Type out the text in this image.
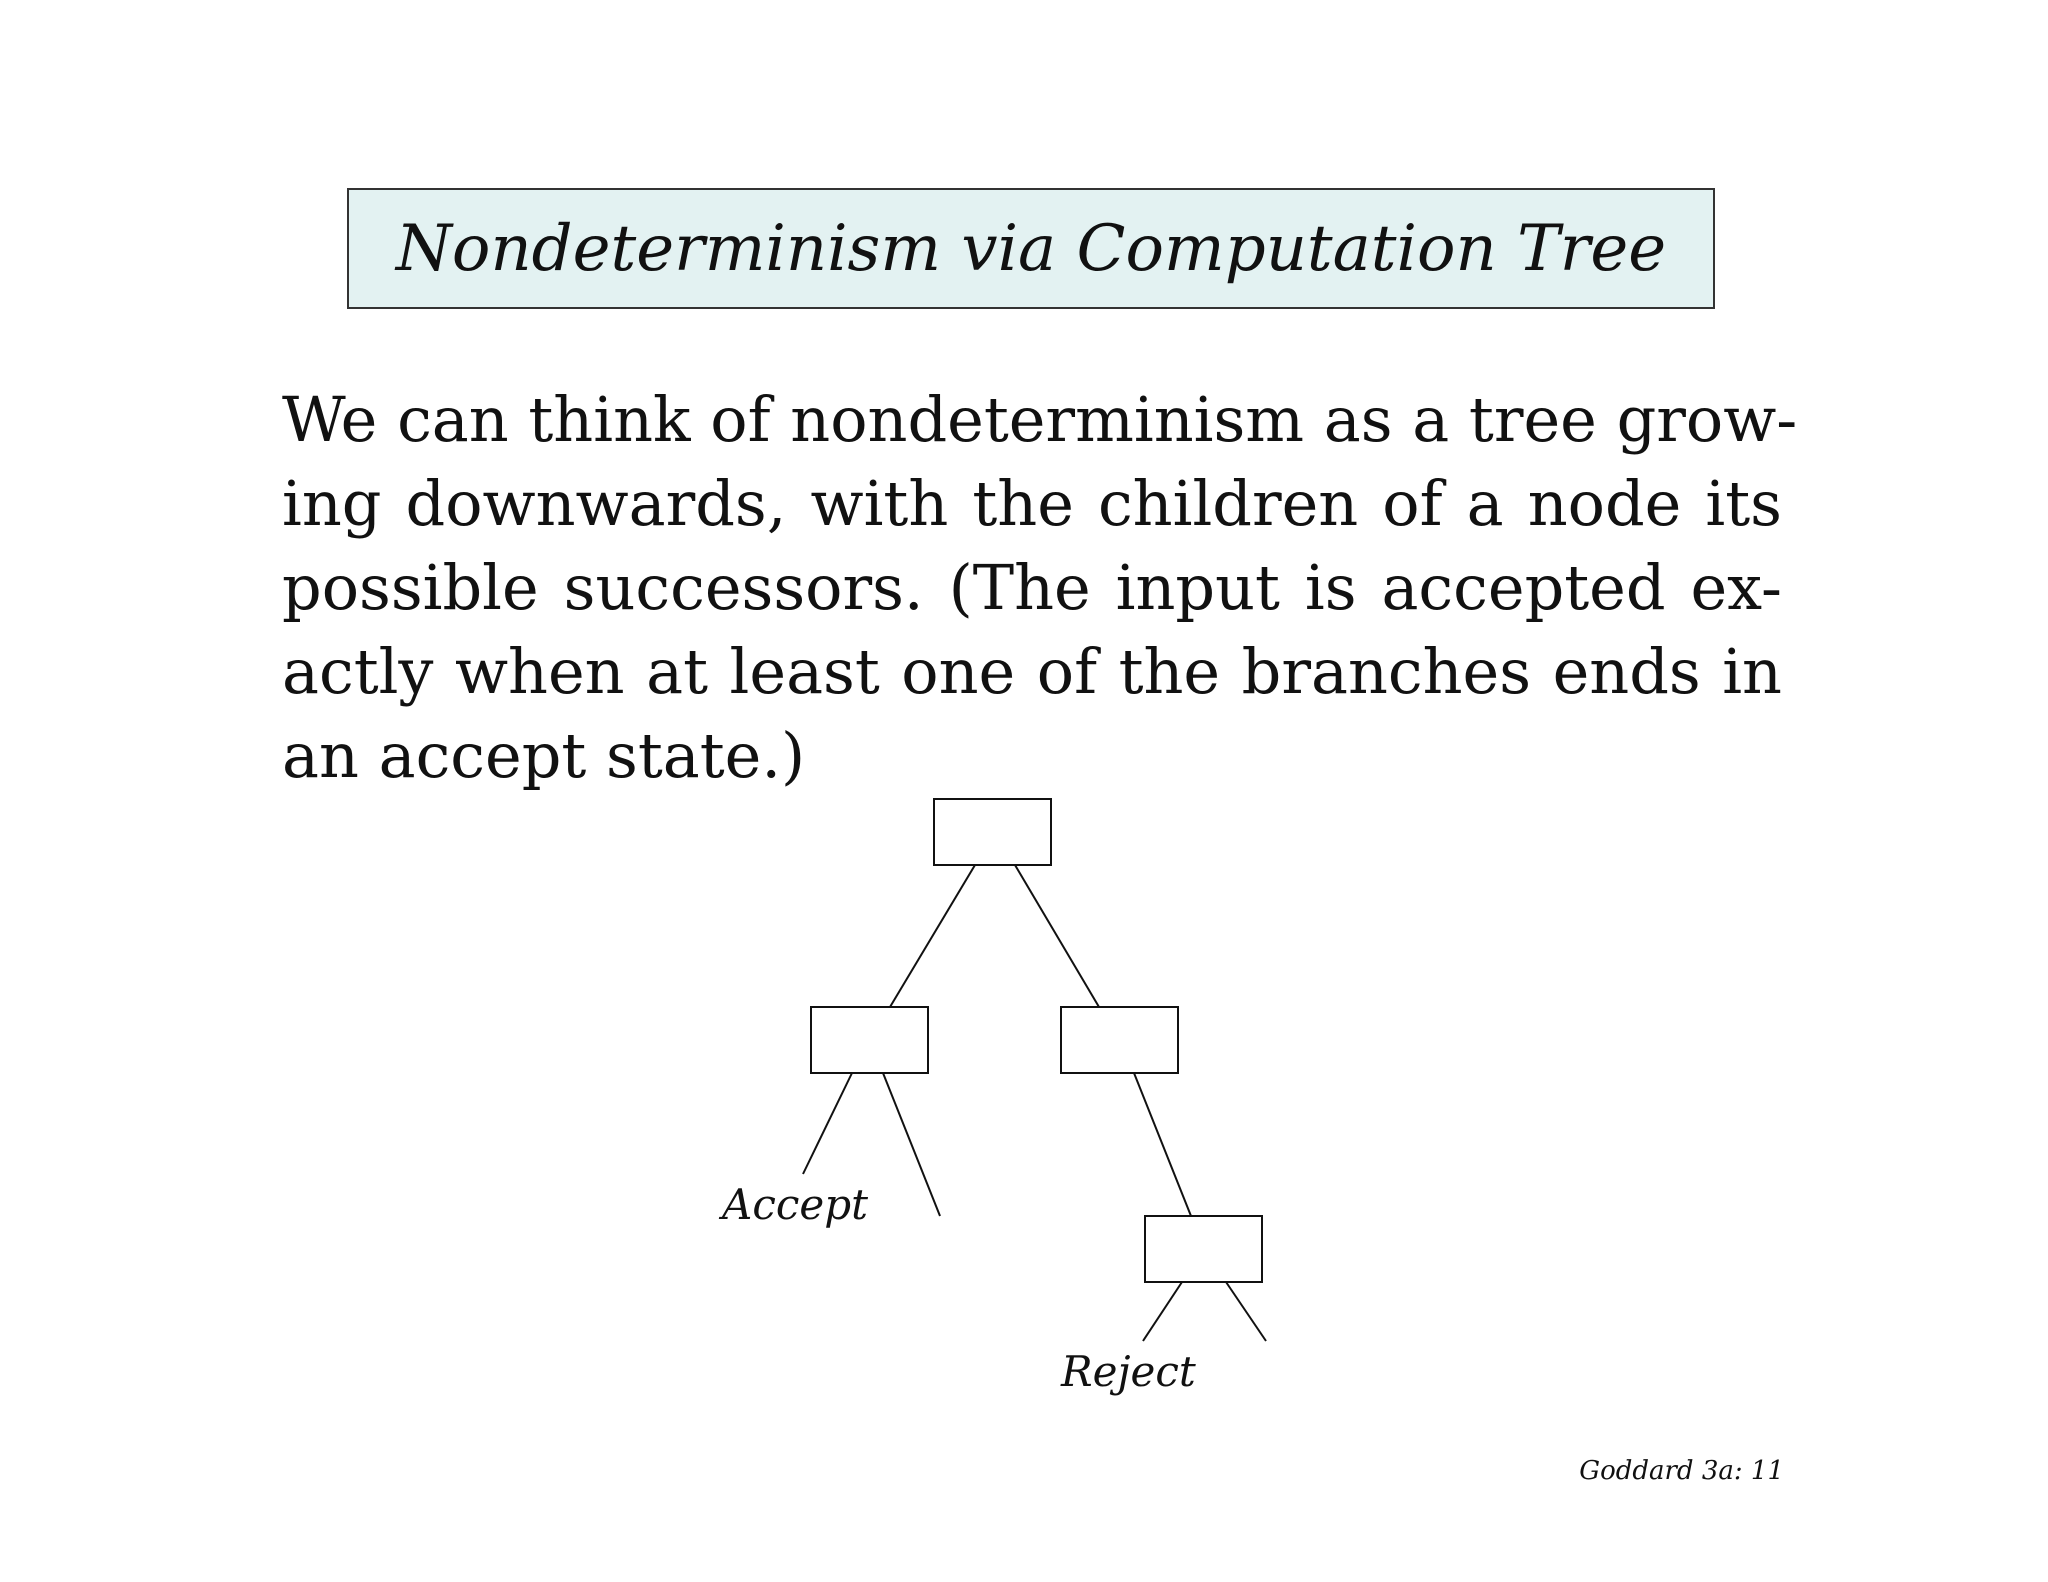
Nondeterminism via Computation Tree
We can think of nondeterminism as a tree grow-
ing downwards, with the children of a node its
possible successors. (The input is accepted ex-
actly when at least one of the branches ends in
an accept state.)
Accept
Reject
Goddard 3a: 11
